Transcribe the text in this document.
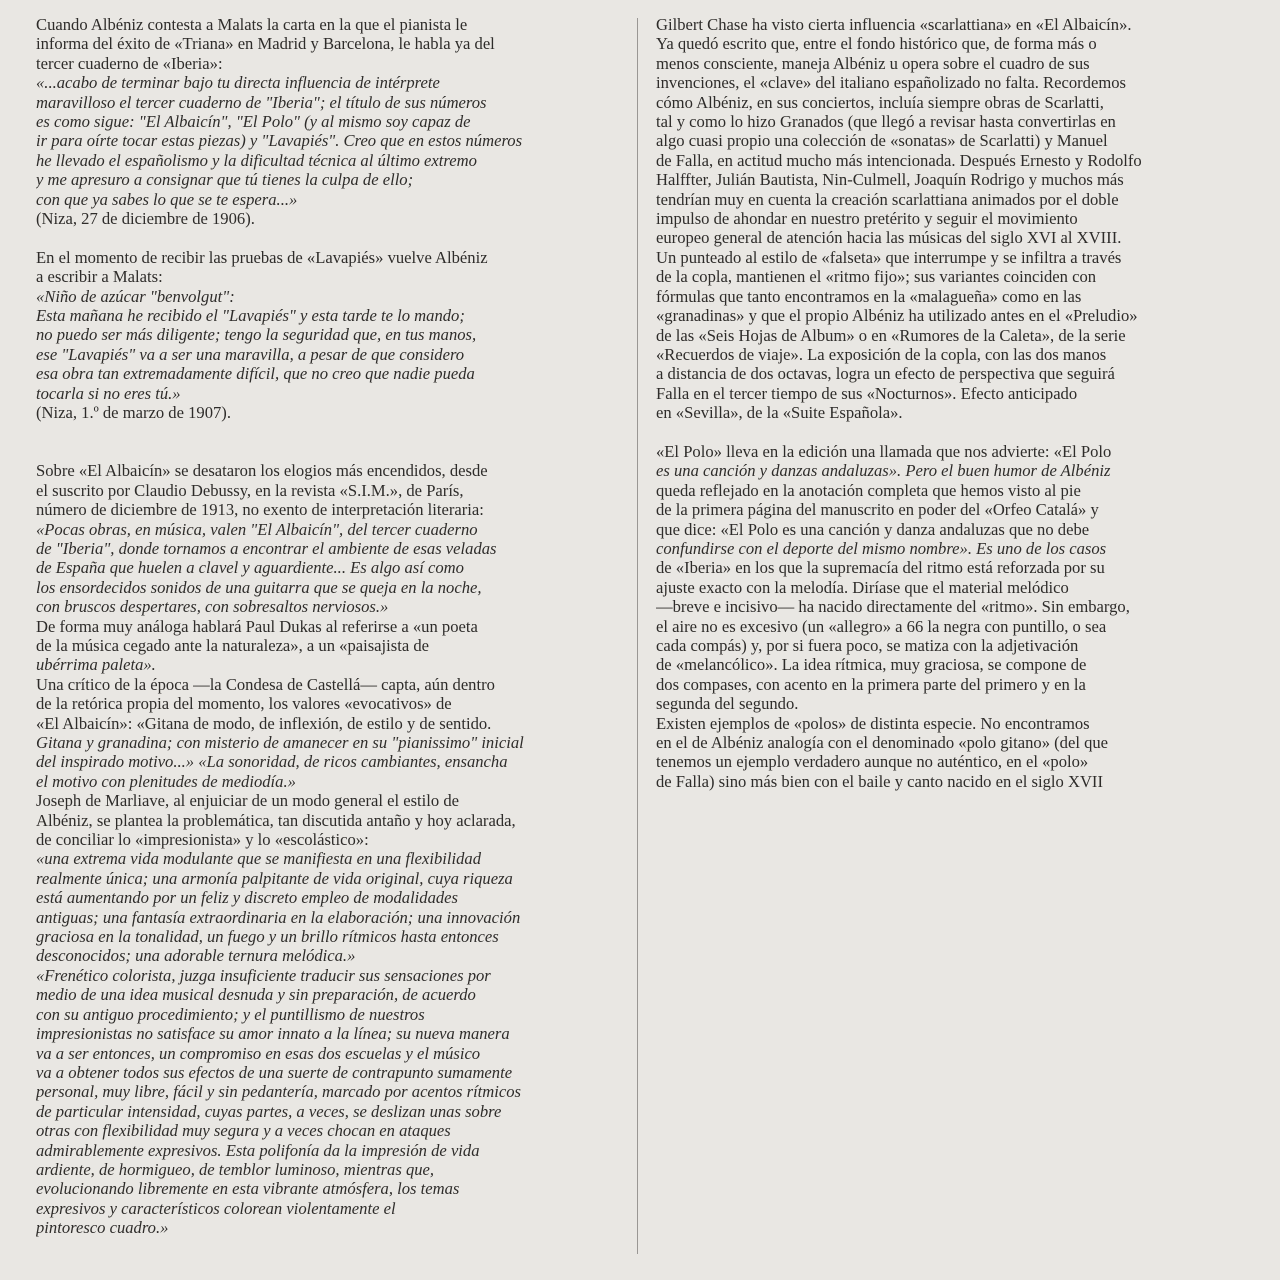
Cuando Albéniz contesta a Malats la carta en la que el pianista le

informa del éxito de «Triana» en Madrid y Barcelona, le habla ya del

tercer cuaderno de «Iberia»:

«...acabo de terminar bajo tu directa influencia de intérprete

maravilloso el tercer cuaderno de "Iberia"; el título de sus números

es como sigue: "El Albaicín", "El Polo" (y al mismo soy capaz de

ir para oírte tocar estas piezas) y "Lavapiés". Creo que en estos números

he llevado el españolismo y la dificultad técnica al último extremo

y me apresuro a consignar que tú tienes la culpa de ello;

con que ya sabes lo que se te espera...»

(Niza, 27 de diciembre de 1906).

En el momento de recibir las pruebas de «Lavapiés» vuelve Albéniz

a escribir a Malats:

«Niño de azúcar "benvolgut":

Esta mañana he recibido el "Lavapiés" y esta tarde te lo mando;

no puedo ser más diligente; tengo la seguridad que, en tus manos,

ese "Lavapiés" va a ser una maravilla, a pesar de que considero

esa obra tan extremadamente difícil, que no creo que nadie pueda

tocarla si no eres tú.»

(Niza, 1.º de marzo de 1907).

Sobre «El Albaicín» se desataron los elogios más encendidos, desde

el suscrito por Claudio Debussy, en la revista «S.I.M.», de París,

número de diciembre de 1913, no exento de interpretación literaria:

«Pocas obras, en música, valen "El Albaicín", del tercer cuaderno

de "Iberia", donde tornamos a encontrar el ambiente de esas veladas

de España que huelen a clavel y aguardiente... Es algo así como

los ensordecidos sonidos de una guitarra que se queja en la noche,

con bruscos despertares, con sobresaltos nerviosos.»

De forma muy análoga hablará Paul Dukas al referirse a «un poeta

de la música cegado ante la naturaleza», a un «paisajista de

ubérrima paleta».

Una crítico de la época —la Condesa de Castellá— capta, aún dentro

de la retórica propia del momento, los valores «evocativos» de

«El Albaicín»: «Gitana de modo, de inflexión, de estilo y de sentido.

Gitana y granadina; con misterio de amanecer en su "pianissimo" inicial

del inspirado motivo...» «La sonoridad, de ricos cambiantes, ensancha

el motivo con plenitudes de mediodía.»

Joseph de Marliave, al enjuiciar de un modo general el estilo de

Albéniz, se plantea la problemática, tan discutida antaño y hoy aclarada,

de conciliar lo «impresionista» y lo «escolástico»:

«una extrema vida modulante que se manifiesta en una flexibilidad

realmente única; una armonía palpitante de vida original, cuya riqueza

está aumentando por un feliz y discreto empleo de modalidades

antiguas; una fantasía extraordinaria en la elaboración; una innovación

graciosa en la tonalidad, un fuego y un brillo rítmicos hasta entonces

desconocidos; una adorable ternura melódica.»

«Frenético colorista, juzga insuficiente traducir sus sensaciones por

medio de una idea musical desnuda y sin preparación, de acuerdo

con su antiguo procedimiento; y el puntillismo de nuestros

impresionistas no satisface su amor innato a la línea; su nueva manera

va a ser entonces, un compromiso en esas dos escuelas y el músico

va a obtener todos sus efectos de una suerte de contrapunto sumamente

personal, muy libre, fácil y sin pedantería, marcado por acentos rítmicos

de particular intensidad, cuyas partes, a veces, se deslizan unas sobre

otras con flexibilidad muy segura y a veces chocan en ataques

admirablemente expresivos. Esta polifonía da la impresión de vida

ardiente, de hormigueo, de temblor luminoso, mientras que,

evolucionando libremente en esta vibrante atmósfera, los temas

expresivos y característicos colorean violentamente el

pintoresco cuadro.»

Gilbert Chase ha visto cierta influencia «scarlattiana» en «El Albaicín».

Ya quedó escrito que, entre el fondo histórico que, de forma más o

menos consciente, maneja Albéniz u opera sobre el cuadro de sus

invenciones, el «clave» del italiano españolizado no falta. Recordemos

cómo Albéniz, en sus conciertos, incluía siempre obras de Scarlatti,

tal y como lo hizo Granados (que llegó a revisar hasta convertirlas en

algo cuasi propio una colección de «sonatas» de Scarlatti) y Manuel

de Falla, en actitud mucho más intencionada. Después Ernesto y Rodolfo

Halffter, Julián Bautista, Nin-Culmell, Joaquín Rodrigo y muchos más

tendrían muy en cuenta la creación scarlattiana animados por el doble

impulso de ahondar en nuestro pretérito y seguir el movimiento

europeo general de atención hacia las músicas del siglo XVI al XVIII.

Un punteado al estilo de «falseta» que interrumpe y se infiltra a través

de la copla, mantienen el «ritmo fijo»; sus variantes coinciden con

fórmulas que tanto encontramos en la «malagueña» como en las

«granadinas» y que el propio Albéniz ha utilizado antes en el «Preludio»

de las «Seis Hojas de Album» o en «Rumores de la Caleta», de la serie

«Recuerdos de viaje». La exposición de la copla, con las dos manos

a distancia de dos octavas, logra un efecto de perspectiva que seguirá

Falla en el tercer tiempo de sus «Nocturnos». Efecto anticipado

en «Sevilla», de la «Suite Española».

«El Polo» lleva en la edición una llamada que nos advierte: «El Polo

es una canción y danzas andaluzas». Pero el buen humor de Albéniz

queda reflejado en la anotación completa que hemos visto al pie

de la primera página del manuscrito en poder del «Orfeo Catalá» y

que dice: «El Polo es una canción y danza andaluzas que no debe

confundirse con el deporte del mismo nombre». Es uno de los casos

de «Iberia» en los que la supremacía del ritmo está reforzada por su

ajuste exacto con la melodía. Diríase que el material melódico

—breve e incisivo— ha nacido directamente del «ritmo». Sin embargo,

el aire no es excesivo (un «allegro» a 66 la negra con puntillo, o sea

cada compás) y, por si fuera poco, se matiza con la adjetivación

de «melancólico». La idea rítmica, muy graciosa, se compone de

dos compases, con acento en la primera parte del primero y en la

segunda del segundo.

Existen ejemplos de «polos» de distinta especie. No encontramos

en el de Albéniz analogía con el denominado «polo gitano» (del que

tenemos un ejemplo verdadero aunque no auténtico, en el «polo»

de Falla) sino más bien con el baile y canto nacido en el siglo XVII
